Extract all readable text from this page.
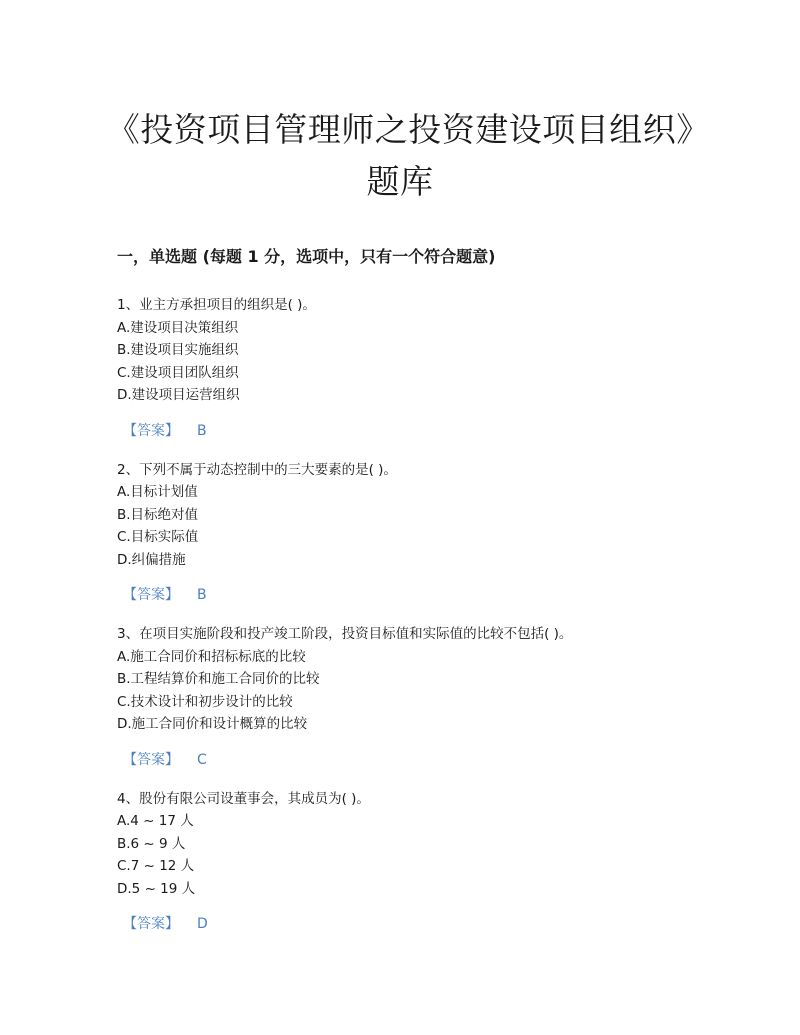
《投资项目管理师之投资建设项目组织》题库
一，单选题 (每题 1 分，选项中，只有一个符合题意)
1、业主方承担项目的组织是( )。
A.建设项目决策组织
B.建设项目实施组织
C.建设项目团队组织
D.建设项目运营组织
【答案】 B
2、下列不属于动态控制中的三大要素的是( )。
A.目标计划值
B.目标绝对值
C.目标实际值
D.纠偏措施
【答案】 B
3、在项目实施阶段和投产竣工阶段，投资目标值和实际值的比较不包括( )。
A.施工合同价和招标标底的比较
B.工程结算价和施工合同价的比较
C.技术设计和初步设计的比较
D.施工合同价和设计概算的比较
【答案】 C
4、股份有限公司设董事会，其成员为( )。
A.4 ~ 17 人
B.6 ~ 9 人
C.7 ~ 12 人
D.5 ~ 19 人
【答案】 D
